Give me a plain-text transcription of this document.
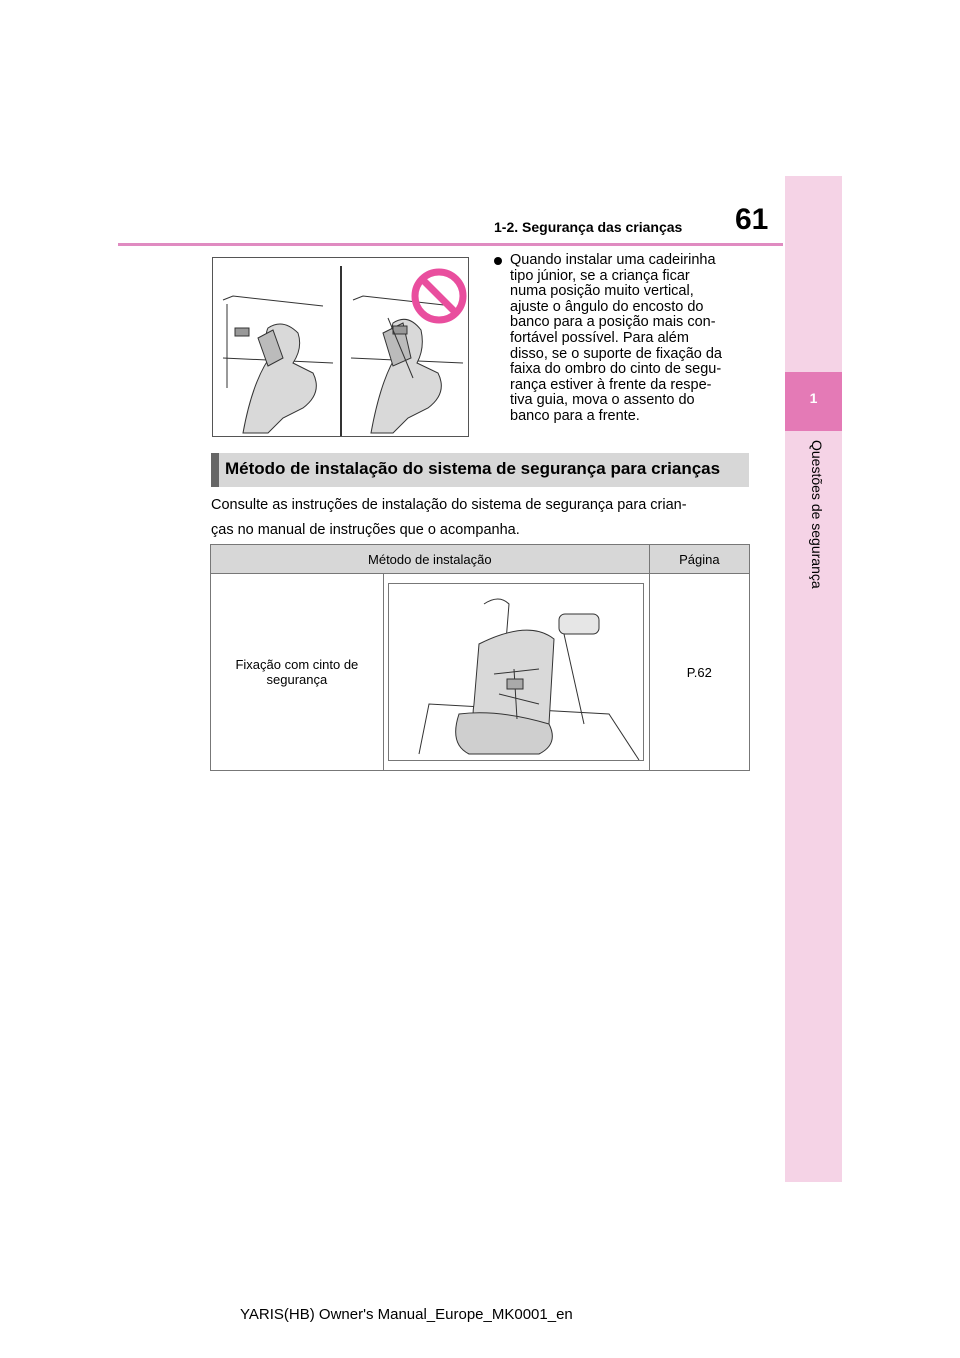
1
Questões de segurança
61
1-2. Segurança das crianças
Quando instalar uma cadeirinha
tipo júnior, se a criança ficar
numa posição muito vertical,
ajuste o ângulo do encosto do
banco para a posição mais con-
fortável possível. Para além
disso, se o suporte de fixação da
faixa do ombro do cinto de segu-
rança estiver à frente da respe-
tiva guia, mova o assento do
banco para a frente.
Método de instalação do sistema de segurança para crianças
Consulte as instruções de instalação do sistema de segurança para crian-
ças no manual de instruções que o acompanha.
Método de instalação		Página

Fixação com cinto de
segurança		P.62
YARIS(HB) Owner's Manual_Europe_MK0001_en
